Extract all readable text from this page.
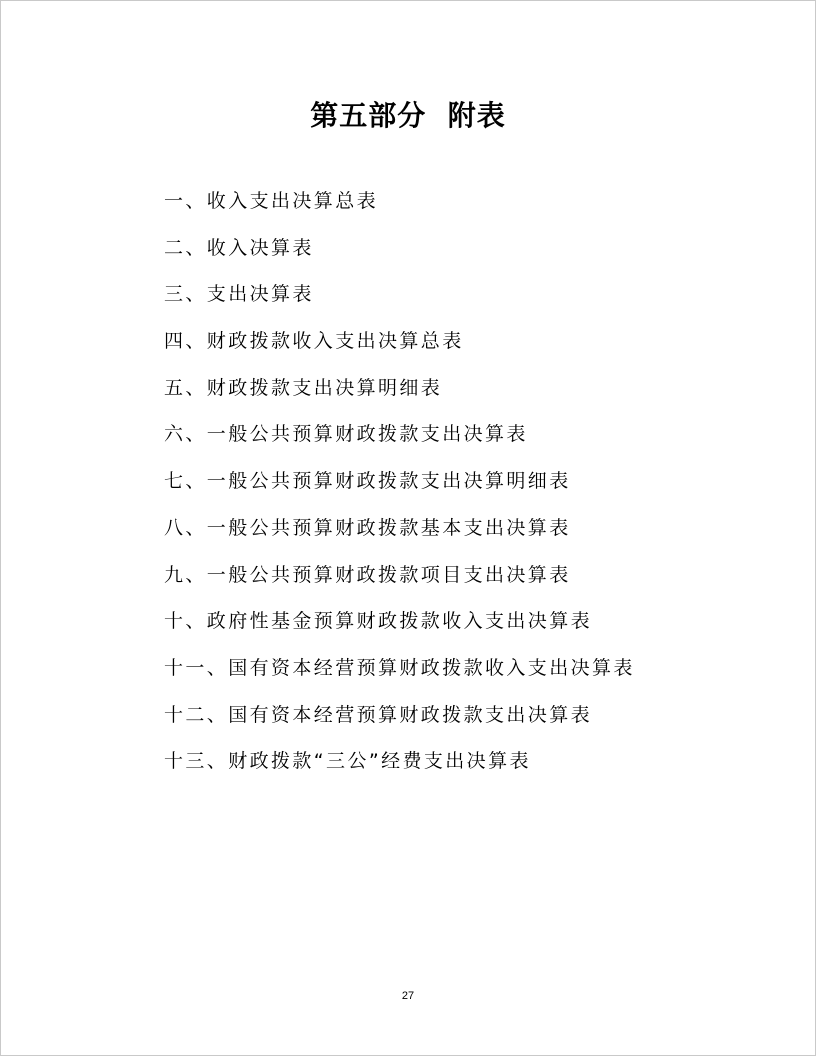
第五部分  附表
一、收入支出决算总表
二、收入决算表
三、支出决算表
四、财政拨款收入支出决算总表
五、财政拨款支出决算明细表
六、一般公共预算财政拨款支出决算表
七、一般公共预算财政拨款支出决算明细表
八、一般公共预算财政拨款基本支出决算表
九、一般公共预算财政拨款项目支出决算表
十、政府性基金预算财政拨款收入支出决算表
十一、国有资本经营预算财政拨款收入支出决算表
十二、国有资本经营预算财政拨款支出决算表
十三、财政拨款“三公”经费支出决算表
27
